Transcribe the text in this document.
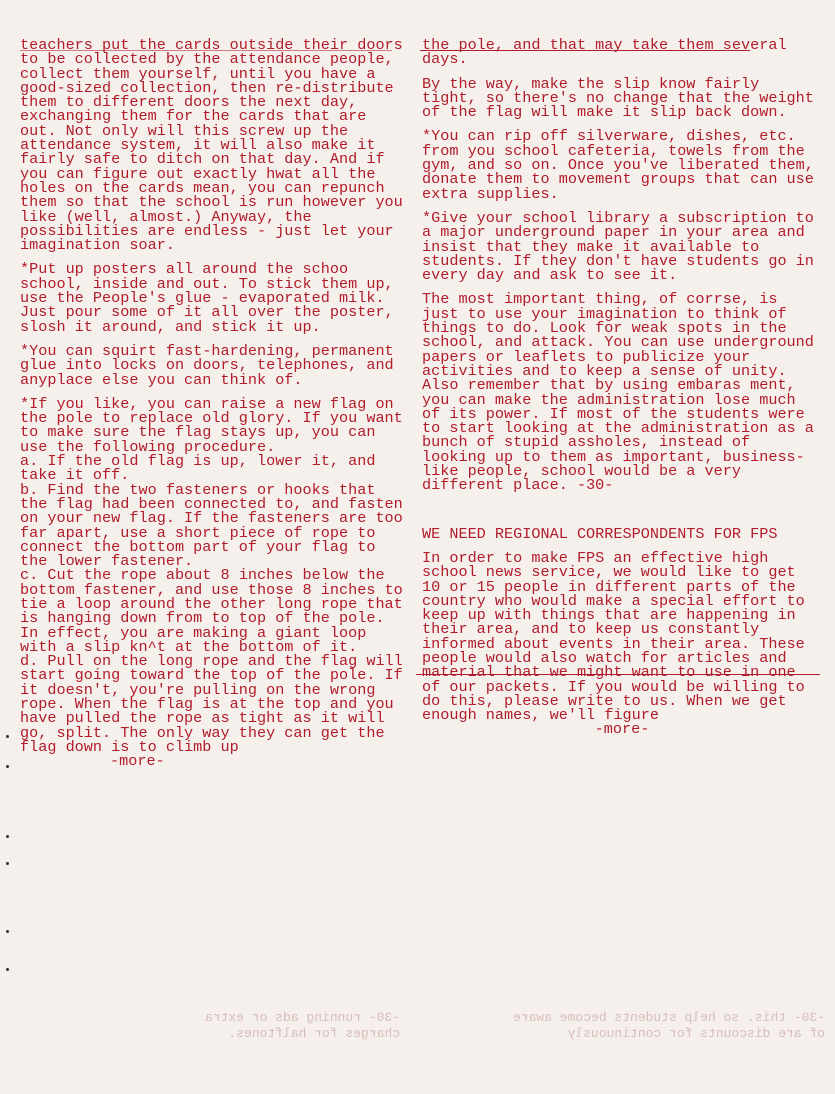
teachers put the cards outside their doors to be collected by the attendance people, collect them yourself, until you have a good-sized collection, then re-distribute them to different doors the next day, exchanging them for the cards that are out. Not only will this screw up the attendance system, it will also make it fairly safe to ditch on that day. And if you can figure out exactly hwat all the holes on the cards mean, you can repunch them so that the school is run however you like (well, almost.) Anyway, the possibilities are endless - just let your imagination soar.

*Put up posters all around the schoo school, inside and out. To stick them up, use the People's glue - evaporated milk. Just pour some of it all over the poster, slosh it around, and stick it up.

*You can squirt fast-hardening, permanent glue into locks on doors, telephones, and anyplace else you can think of.

*If you like, you can raise a new flag on the pole to replace old glory. If you want to make sure the flag stays up, you can use the following procedure.

a. If the old flag is up, lower it, and take it off.

b. Find the two fasteners or hooks that the flag had been connected to, and fasten on your new flag. If the fasteners are too far apart, use a short piece of rope to connect the bottom part of your flag to the lower fastener.

c. Cut the rope about 8 inches below the bottom fastener, and use those 8 inches to tie a loop around the other long rope that is hanging down from to top of the pole. In effect, you are making a giant loop with a slip kn^t at the bottom of it.

d. Pull on the long rope and the flag will start going toward the top of the pole. If it doesn't, you're pulling on the wrong rope. When the flag is at the top and you have pulled the rope as tight as it will go, split. The only way they can get the flag down is to climb up

-more-

the pole, and that may take them several days.

By the way, make the slip know fairly tight, so there's no change that the weight of the flag will make it slip back down.

*You can rip off silverware, dishes, etc. from you school cafeteria, towels from the gym, and so on. Once you've liberated them, donate them to movement groups that can use extra supplies.

*Give your school library a subscription to a major underground paper in your area and insist that they make it available to students. If they don't have students go in every day and ask to see it.

The most important thing, of corrse, is just to use your imagination to think of things to do. Look for weak spots in the school, and attack. You can use underground papers or leaflets to publicize your activities and to keep a sense of unity. Also remember that by using embaras ment, you can make the administration lose much of its power. If most of the students were to start looking at the administration as a bunch of stupid assholes, instead of looking up to them as important, business-like people, school would be a very different place. -30-

WE NEED REGIONAL CORRESPONDENTS FOR FPS

In order to make FPS an effective high school news service, we would like to get 10 or 15 people in different parts of the country who would make a special effort to keep up with things that are happening in their area, and to keep us constantly informed about events in their area. These people would also watch for articles and material that we might want to use in one of our packets. If you would be willing to do this, please write to us. When we get enough names, we'll figure

-more-

-30- this. so help students become aware of are discounts for continuously
-30- running ads or extra charges for halftones.
